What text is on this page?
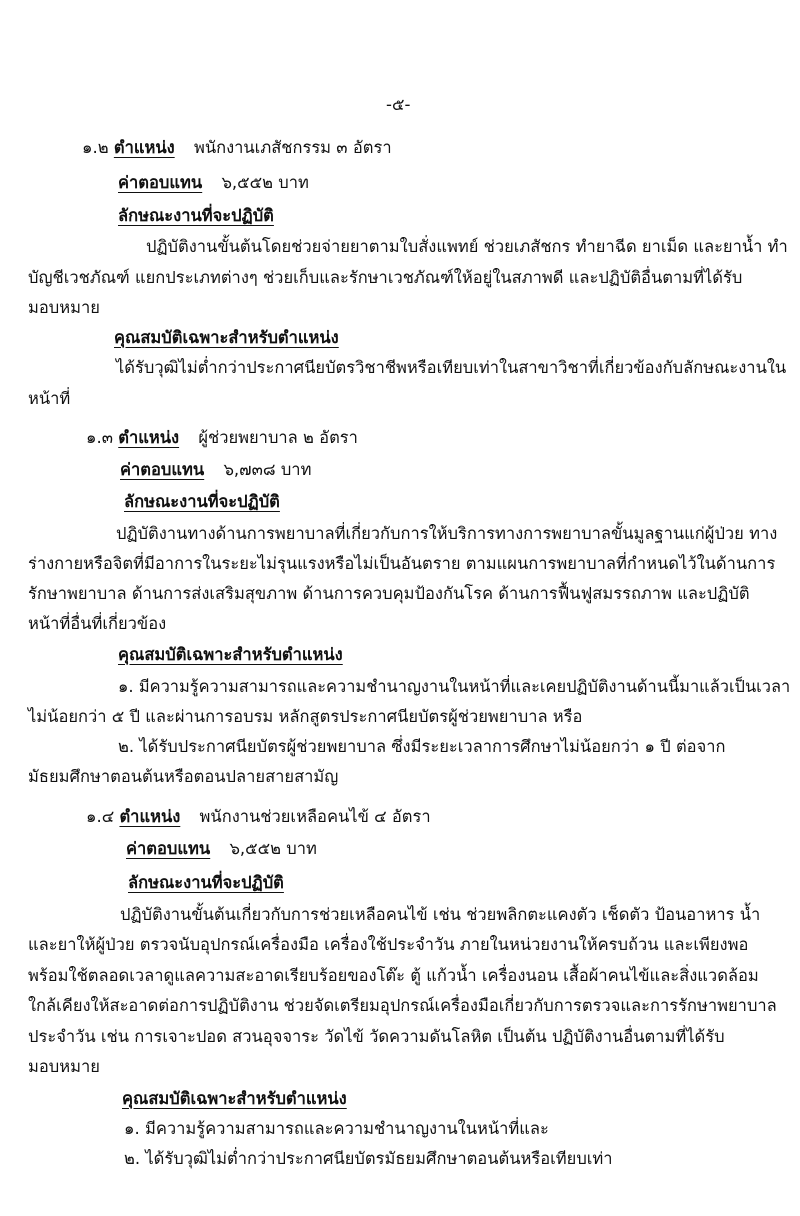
-๕-
๑.๒ ตำแหน่ง พนักงานเภสัชกรรม ๓ อัตรา
ค่าตอบแทน ๖,๕๕๒ บาท
ลักษณะงานที่จะปฏิบัติ
ปฏิบัติงานขั้นต้นโดยช่วยจ่ายยาตามใบสั่งแพทย์ ช่วยเภสัชกร ทำยาฉีด ยาเม็ด และยาน้ำ ทำ
บัญชีเวชภัณฑ์ แยกประเภทต่างๆ ช่วยเก็บและรักษาเวชภัณฑ์ให้อยู่ในสภาพดี และปฏิบัติอื่นตามที่ได้รับ
มอบหมาย
คุณสมบัติเฉพาะสำหรับตำแหน่ง
ได้รับวุฒิไม่ต่ำกว่าประกาศนียบัตรวิชาชีพหรือเทียบเท่าในสาขาวิชาที่เกี่ยวข้องกับลักษณะงานใน
หน้าที่
๑.๓ ตำแหน่ง ผู้ช่วยพยาบาล ๒ อัตรา
ค่าตอบแทน ๖,๗๓๘ บาท
ลักษณะงานที่จะปฏิบัติ
ปฏิบัติงานทางด้านการพยาบาลที่เกี่ยวกับการให้บริการทางการพยาบาลขั้นมูลฐานแก่ผู้ป่วย ทาง
ร่างกายหรือจิตที่มีอาการในระยะไม่รุนแรงหรือไม่เป็นอันตราย ตามแผนการพยาบาลที่กำหนดไว้ในด้านการ
รักษาพยาบาล ด้านการส่งเสริมสุขภาพ ด้านการควบคุมป้องกันโรค ด้านการฟื้นฟูสมรรถภาพ และปฏิบัติ
หน้าที่อื่นที่เกี่ยวข้อง
คุณสมบัติเฉพาะสำหรับตำแหน่ง
๑. มีความรู้ความสามารถและความชำนาญงานในหน้าที่และเคยปฏิบัติงานด้านนี้มาแล้วเป็นเวลา
ไม่น้อยกว่า ๕ ปี และผ่านการอบรม หลักสูตรประกาศนียบัตรผู้ช่วยพยาบาล หรือ
๒. ได้รับประกาศนียบัตรผู้ช่วยพยาบาล ซึ่งมีระยะเวลาการศึกษาไม่น้อยกว่า ๑ ปี ต่อจาก
มัธยมศึกษาตอนต้นหรือตอนปลายสายสามัญ
๑.๔ ตำแหน่ง พนักงานช่วยเหลือคนไข้ ๔ อัตรา
ค่าตอบแทน ๖,๕๕๒ บาท
ลักษณะงานที่จะปฏิบัติ
ปฏิบัติงานขั้นต้นเกี่ยวกับการช่วยเหลือคนไข้ เช่น ช่วยพลิกตะแคงตัว เช็ดตัว ป้อนอาหาร น้ำ
และยาให้ผู้ป่วย ตรวจนับอุปกรณ์เครื่องมือ เครื่องใช้ประจำวัน ภายในหน่วยงานให้ครบถ้วน และเพียงพอ
พร้อมใช้ตลอดเวลาดูแลความสะอาดเรียบร้อยของโต๊ะ ตู้ แก้วน้ำ เครื่องนอน เสื้อผ้าคนไข้และสิ่งแวดล้อม
ใกล้เคียงให้สะอาดต่อการปฏิบัติงาน ช่วยจัดเตรียมอุปกรณ์เครื่องมือเกี่ยวกับการตรวจและการรักษาพยาบาล
ประจำวัน เช่น การเจาะปอด สวนอุจจาระ วัดไข้ วัดความดันโลหิต เป็นต้น ปฏิบัติงานอื่นตามที่ได้รับ
มอบหมาย
คุณสมบัติเฉพาะสำหรับตำแหน่ง
๑. มีความรู้ความสามารถและความชำนาญงานในหน้าที่และ
๒. ได้รับวุฒิไม่ต่ำกว่าประกาศนียบัตรมัธยมศึกษาตอนต้นหรือเทียบเท่า
